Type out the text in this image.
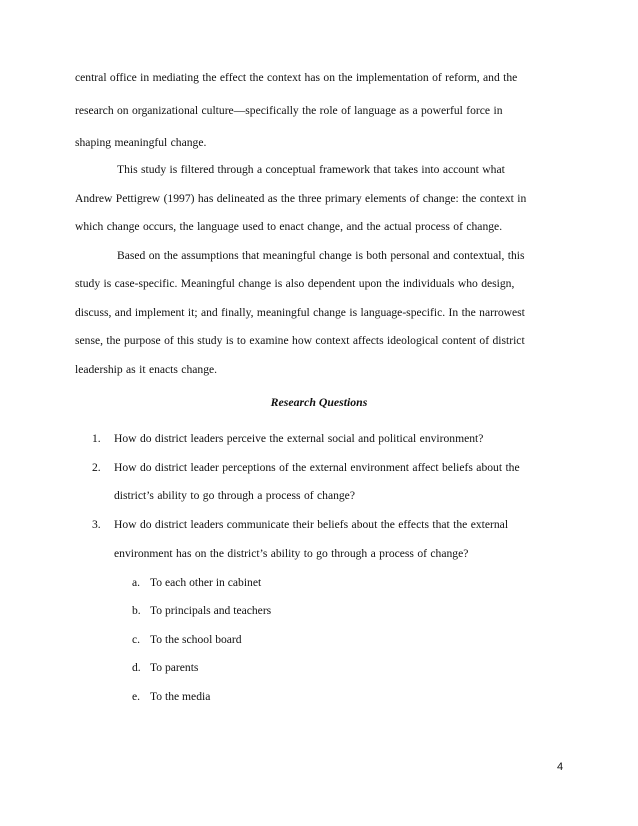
central office in mediating the effect the context has on the implementation of reform, and the
research on organizational culture—specifically the role of language as a powerful force in
shaping meaningful change.
This study is filtered through a conceptual framework that takes into account what
Andrew Pettigrew (1997) has delineated as the three primary elements of change: the context in
which change occurs, the language used to enact change, and the actual process of change.
Based on the assumptions that meaningful change is both personal and contextual, this
study is case-specific. Meaningful change is also dependent upon the individuals who design,
discuss, and implement it; and finally, meaningful change is language-specific. In the narrowest
sense, the purpose of this study is to examine how context affects ideological content of district
leadership as it enacts change.
Research Questions
1. How do district leaders perceive the external social and political environment?
2. How do district leader perceptions of the external environment affect beliefs about the
district’s ability to go through a process of change?
3. How do district leaders communicate their beliefs about the effects that the external
environment has on the district’s ability to go through a process of change?
a. To each other in cabinet
b. To principals and teachers
c. To the school board
d. To parents
e. To the media
4
